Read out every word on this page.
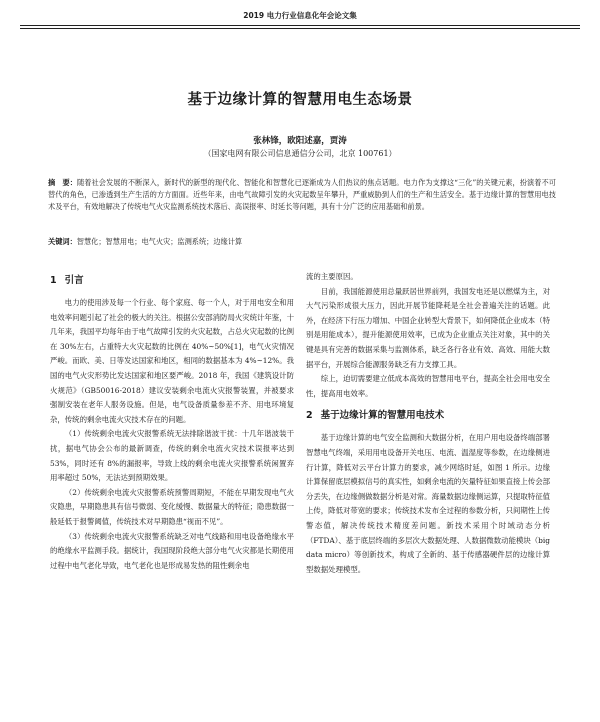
2019 电力行业信息化年会论文集
基于边缘计算的智慧用电生态场景
张林锋，欧阳述嘉，贾涛
（国家电网有限公司信息通信分公司，北京 100761）

摘　要：随着社会发展的不断深入，新时代的新型的现代化、智能化和智慧化已逐渐成为人们热议的焦点话题。电力作为支撑这“三化”的关键元素，扮演着不可替代的角色，已渗透到生产生活的方方面面。近些年来，由电气故障引发的火灾起数呈年攀升，严重威胁到人们的生产和生活安全。基于边缘计算的智慧用电技术及平台，有效地解决了传统电气火灾监测系统技术落后、高误报率、时延长等问题，具有十分广泛的应用基础和前景。

关键词：智慧化；智慧用电；电气火灾；监测系统；边缘计算

1 引言

电力的使用涉及每一个行业、每个家庭、每一个人，对于用电安全和用电效率问题引起了社会的极大的关注。根据公安部消防局火灾统计年鉴，十几年来，我国平均每年由于电气故障引发的火灾起数，占总火灾起数的比例在 30%左右，占重特大火灾起数的比例在 40%~50%[1]，电气火灾情况严峻。而欧、美、日等发达国家和地区，相同的数据基本为 4%~12%。我国的电气火灾形势比发达国家和地区要严峻。2018 年，我国《建筑设计防火规范》（GB50016-2018）建议安装剩余电流火灾报警装置，并被要求强制安装在老年人服务设施。但是，电气设备质量参差不齐、用电环境复杂，传统的剩余电流火灾技术存在的问题。

（1）传统剩余电流火灾报警系统无法排除谐波干扰：十几年谐波装干扰，据电气协会公布的最新调查，传统的剩余电流火灾技术误报率达到 53%，同时还有 8%的漏报率，导致上线的剩余电流火灾报警系统闲置弃用率超过 50%，无法达到预期效果。

（2）传统剩余电流火灾报警系统预警周期短，不能在早期发现电气火灾隐患，早期隐患具有信号微弱、变化缓慢、数据量大的特征；隐患数据一般延低于报警阈值，传统技术对早期隐患“视而不见”。

（3）传统剩余电流火灾报警系统缺乏对电气线路和用电设备绝缘水平的绝缘水平监测手段。据统计，我国现阶段绝大部分电气火灾都是长期使用过程中电气老化导致，电气老化也是形成易发热的阻性剩余电

流的主要原因。

目前，我国能源使用总量跃居世界前列，我国发电还是以燃煤为主，对大气污染形成很大压力，因此开展节能降耗是全社会普遍关注的话题。此外，在经济下行压力增加、中国企业转型大背景下，如何降低企业成本（特别是用能成本），提升能源使用效率，已成为企业重点关注对象，其中的关键是具有完善的数据采集与监测体系，缺乏各行各业有效、高效、用能大数据平台，开展综合能源服务缺乏有力支撑工具。

综上，迫切需要建立低成本高效的智慧用电平台，提高全社会用电安全性，提高用电效率。

2 基于边缘计算的智慧用电技术

基于边缘计算的电气安全监测和大数据分析，在用户用电设备终端部署智慧电气终端，采用用电设备开关电压、电流、温湿度等参数，在边缘侧进行计算，降低对云平台计算力的要求，减少网络时延，如图 1 所示。边缘计算保留底层模拟信号的真实性，如剩余电流的矢量特征如果直接上传会部分丢失，在边缘侧做数据分析是对常。海量数据边缘侧运算，只提取特征值上传，降低对带宽的要求；传统技术发布全过程的参数分析，只间期性上传警态值，解决传统技术精度差问题。新技术采用个时域动态分析（FTDA）、基于底层终端的多层次大数据处理、人数据微数动能模块（big data micro）等创新技术，构成了全新的、基于传感器硬件层的边缘计算型数据处理模型。
